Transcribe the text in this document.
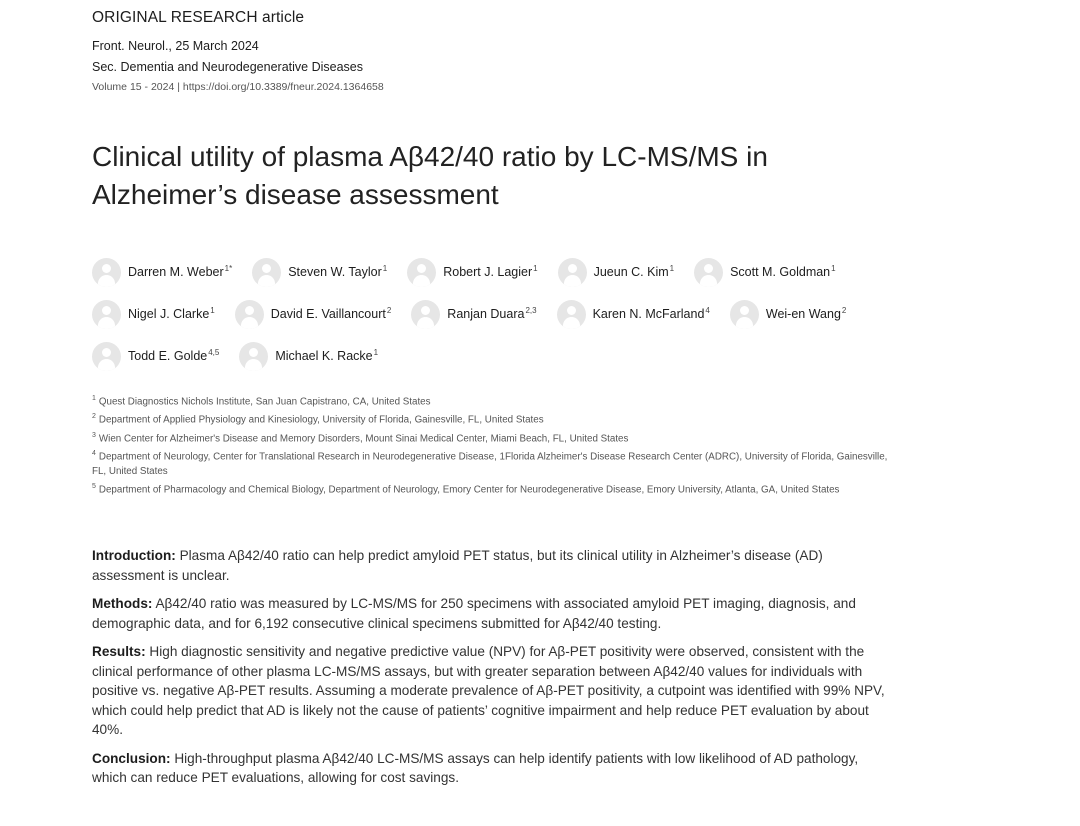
ORIGINAL RESEARCH article
Front. Neurol., 25 March 2024
Sec. Dementia and Neurodegenerative Diseases
Volume 15 - 2024 | https://doi.org/10.3389/fneur.2024.1364658
Clinical utility of plasma Aβ42/40 ratio by LC-MS/MS in Alzheimer’s disease assessment
Darren M. Weber$^{1*}$	Steven W. Taylor$^1$	Robert J. Lagier$^1$	Jueun C. Kim$^1$	Scott M. Goldman$^1$
Nigel J. Clarke$^1$	David E. Vaillancourt$^2$	Ranjan Duara$^{2,3}$	Karen N. McFarland$^4$	Wei-en Wang$^2$
Todd E. Golde$^{4,5}$	Michael K. Racke$^1$

$^1$ Quest Diagnostics Nichols Institute, San Juan Capistrano, CA, United States

$^2$ Department of Applied Physiology and Kinesiology, University of Florida, Gainesville, FL, United States

$^3$ Wien Center for Alzheimer's Disease and Memory Disorders, Mount Sinai Medical Center, Miami Beach, FL, United States

$^4$ Department of Neurology, Center for Translational Research in Neurodegenerative Disease, 1Florida Alzheimer's Disease Research Center (ADRC), University of Florida, Gainesville, FL, United States

$^5$ Department of Pharmacology and Chemical Biology, Department of Neurology, Emory Center for Neurodegenerative Disease, Emory University, Atlanta, GA, United States

Introduction: Plasma Aβ42/40 ratio can help predict amyloid PET status, but its clinical utility in Alzheimer’s disease (AD) assessment is unclear.

Methods: Aβ42/40 ratio was measured by LC-MS/MS for 250 specimens with associated amyloid PET imaging, diagnosis, and demographic data, and for 6,192 consecutive clinical specimens submitted for Aβ42/40 testing.

Results: High diagnostic sensitivity and negative predictive value (NPV) for Aβ-PET positivity were observed, consistent with the clinical performance of other plasma LC-MS/MS assays, but with greater separation between Aβ42/40 values for individuals with positive vs. negative Aβ-PET results. Assuming a moderate prevalence of Aβ-PET positivity, a cutpoint was identified with 99% NPV, which could help predict that AD is likely not the cause of patients’ cognitive impairment and help reduce PET evaluation by about 40%.

Conclusion: High-throughput plasma Aβ42/40 LC-MS/MS assays can help identify patients with low likelihood of AD pathology, which can reduce PET evaluations, allowing for cost savings.
